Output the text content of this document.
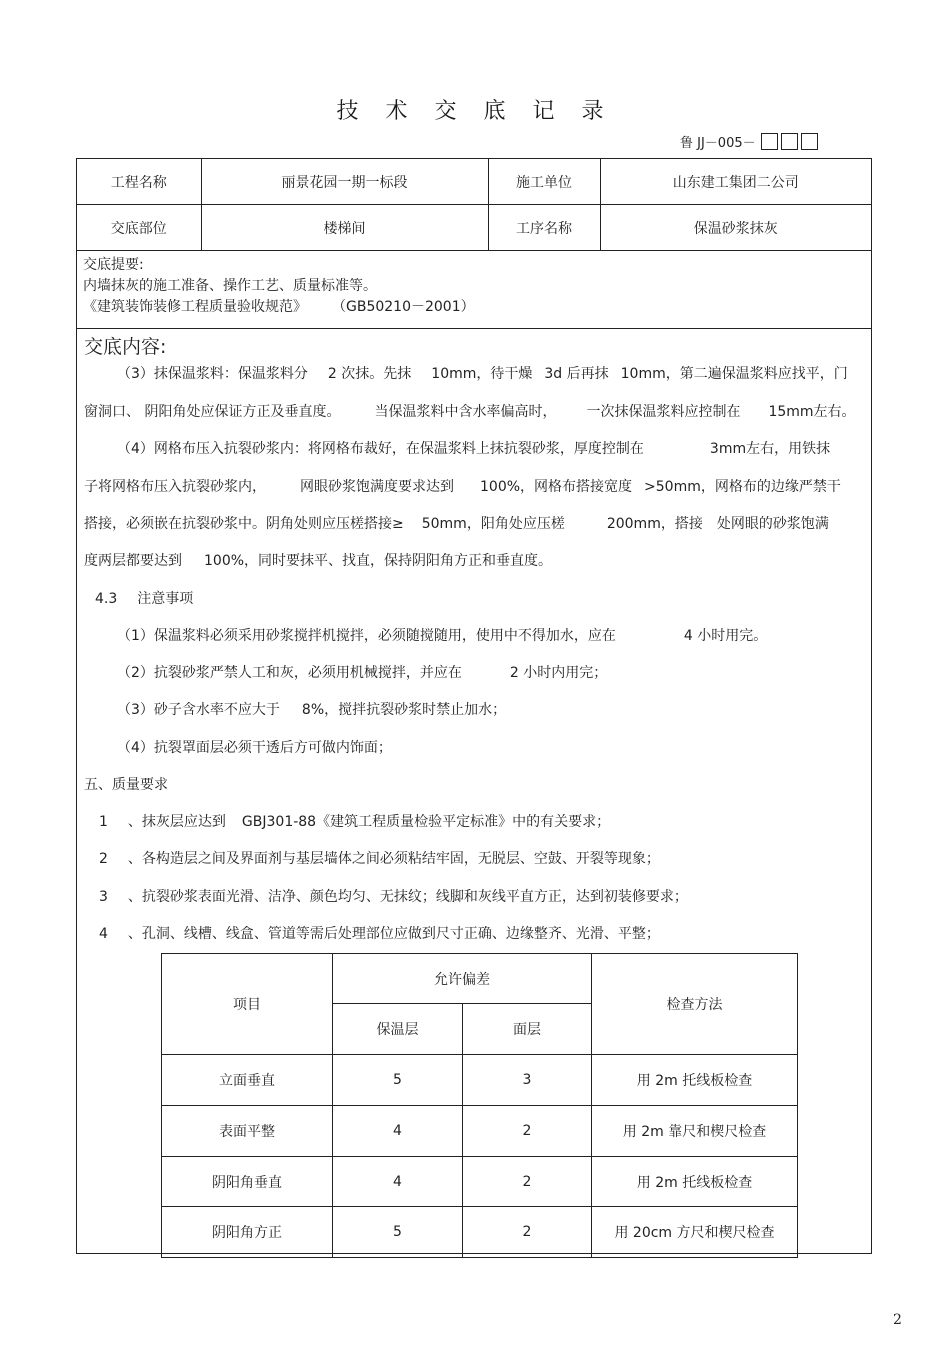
技 术 交 底 记 录
鲁 JJ－005－
工程名称	丽景花园一期一标段	施工单位	山东建工集团二公司
交底部位	楼梯间	工序名称	保温砂浆抹灰
交底提要:
内墙抹灰的施工准备、操作工艺、质量标准等。
《建筑装饰装修工程质量验收规范》 （GB50210－2001）
交底内容:
（3）抹保温浆料：保温浆料分 2 次抹。先抹 10mm，待干燥 3d 后再抹 10mm，第二遍保温浆料应找平，门
窗洞口、 阴阳角处应保证方正及垂直度。 当保温浆料中含水率偏高时， 一次抹保温浆料应控制在 15mm左右。
（4）网格布压入抗裂砂浆内：将网格布裁好，在保温浆料上抹抗裂砂浆，厚度控制在	3mm左右，用铁抹
子将网格布压入抗裂砂浆内， 网眼砂浆饱满度要求达到 100%，网格布搭接宽度 >50mm，网格布的边缘严禁干
搭接，必须嵌在抗裂砂浆中。阴角处则应压槎搭接≥ 50mm，阳角处应压槎	200mm，搭接 处网眼的砂浆饱满
度两层都要达到 100%，同时要抹平、找直，保持阴阳角方正和垂直度。
4.3 注意事项
（1）保温浆料必须采用砂浆搅拌机搅拌，必须随搅随用，使用中不得加水，应在	4 小时用完。
（2）抗裂砂浆严禁人工和灰，必须用机械搅拌，并应在	2 小时内用完；
（3）砂子含水率不应大于 8%，搅拌抗裂砂浆时禁止加水；
（4）抗裂罩面层必须干透后方可做内饰面；
五、质量要求
1 、抹灰层应达到 GBJ301-88《建筑工程质量检验平定标准》中的有关要求；
2 、各构造层之间及界面剂与基层墙体之间必须粘结牢固，无脱层、空鼓、开裂等现象；
3 、抗裂砂浆表面光滑、洁净、颜色均匀、无抹纹；线脚和灰线平直方正，达到初装修要求；
4 、孔洞、线槽、线盒、管道等需后处理部位应做到尺寸正确、边缘整齐、光滑、平整；
项目	允许偏差		检查方法
	保温层	面层	
立面垂直	5	3	用 2m 托线板检查
表面平整	4	2	用 2m 靠尺和楔尺检查
阴阳角垂直	4	2	用 2m 托线板检查
阴阳角方正	5	2	用 20cm 方尺和楔尺检查
2
